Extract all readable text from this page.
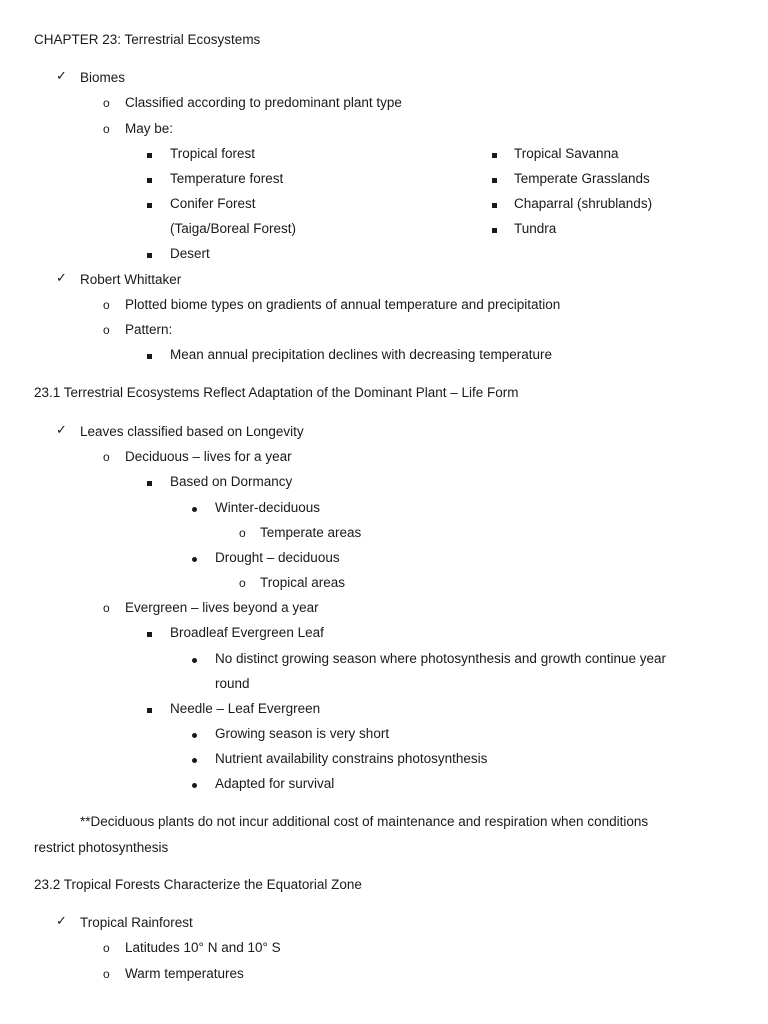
CHAPTER 23: Terrestrial Ecosystems
✓ Biomes
o Classified according to predominant plant type
o May be:
Tropical forest
Temperature forest
Conifer Forest
(Taiga/Boreal Forest)
Desert
Tropical Savanna
Temperate Grasslands
Chaparral (shrublands)
Tundra
✓ Robert Whittaker
o Plotted biome types on gradients of annual temperature and precipitation
o Pattern:
Mean annual precipitation declines with decreasing temperature
23.1 Terrestrial Ecosystems Reflect Adaptation of the Dominant Plant – Life Form
✓ Leaves classified based on Longevity
o Deciduous – lives for a year
Based on Dormancy
Winter-deciduous
o Temperate areas
Drought – deciduous
o Tropical areas
o Evergreen – lives beyond a year
Broadleaf Evergreen Leaf
No distinct growing season where photosynthesis and growth continue year
round
Needle – Leaf Evergreen
Growing season is very short
Nutrient availability constrains photosynthesis
Adapted for survival
**Deciduous plants do not incur additional cost of maintenance and respiration when conditions
restrict photosynthesis
23.2 Tropical Forests Characterize the Equatorial Zone
✓ Tropical Rainforest
o Latitudes 10° N and 10° S
o Warm temperatures
